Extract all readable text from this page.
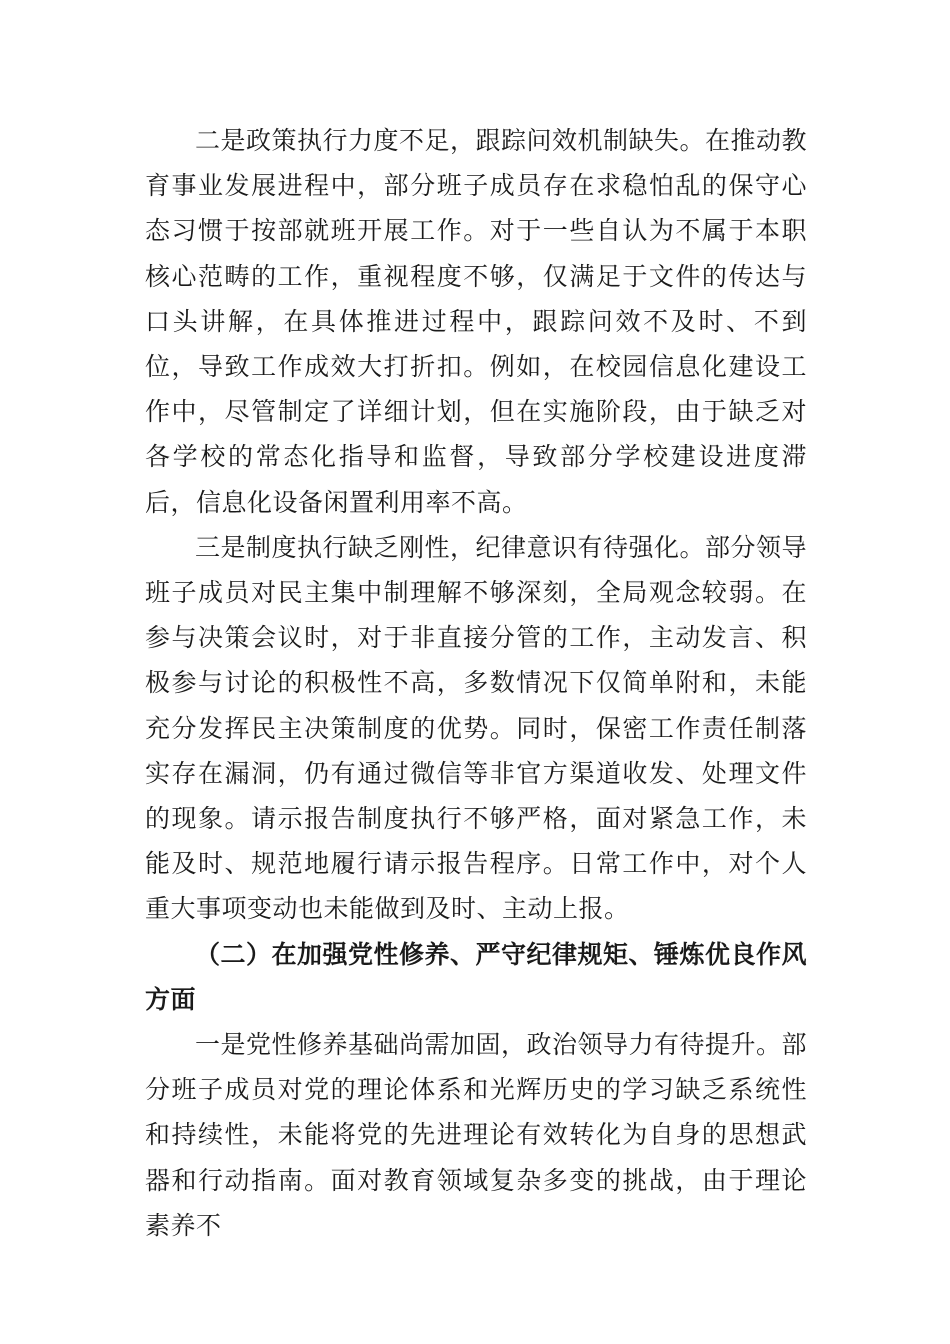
二是政策执行力度不足，跟踪问效机制缺失。在推动教育事业发展进程中，部分班子成员存在求稳怕乱的保守心态习惯于按部就班开展工作。对于一些自认为不属于本职核心范畴的工作，重视程度不够，仅满足于文件的传达与口头讲解，在具体推进过程中，跟踪问效不及时、不到位，导致工作成效大打折扣。例如，在校园信息化建设工作中，尽管制定了详细计划，但在实施阶段，由于缺乏对各学校的常态化指导和监督，导致部分学校建设进度滞后，信息化设备闲置利用率不高。

三是制度执行缺乏刚性，纪律意识有待强化。部分领导班子成员对民主集中制理解不够深刻，全局观念较弱。在参与决策会议时，对于非直接分管的工作，主动发言、积极参与讨论的积极性不高，多数情况下仅简单附和，未能充分发挥民主决策制度的优势。同时，保密工作责任制落实存在漏洞，仍有通过微信等非官方渠道收发、处理文件的现象。请示报告制度执行不够严格，面对紧急工作，未能及时、规范地履行请示报告程序。日常工作中，对个人重大事项变动也未能做到及时、主动上报。

（二）在加强党性修养、严守纪律规矩、锤炼优良作风方面

一是党性修养基础尚需加固，政治领导力有待提升。部分班子成员对党的理论体系和光辉历史的学习缺乏系统性和持续性，未能将党的先进理论有效转化为自身的思想武器和行动指南。面对教育领域复杂多变的挑战，由于理论素养不
